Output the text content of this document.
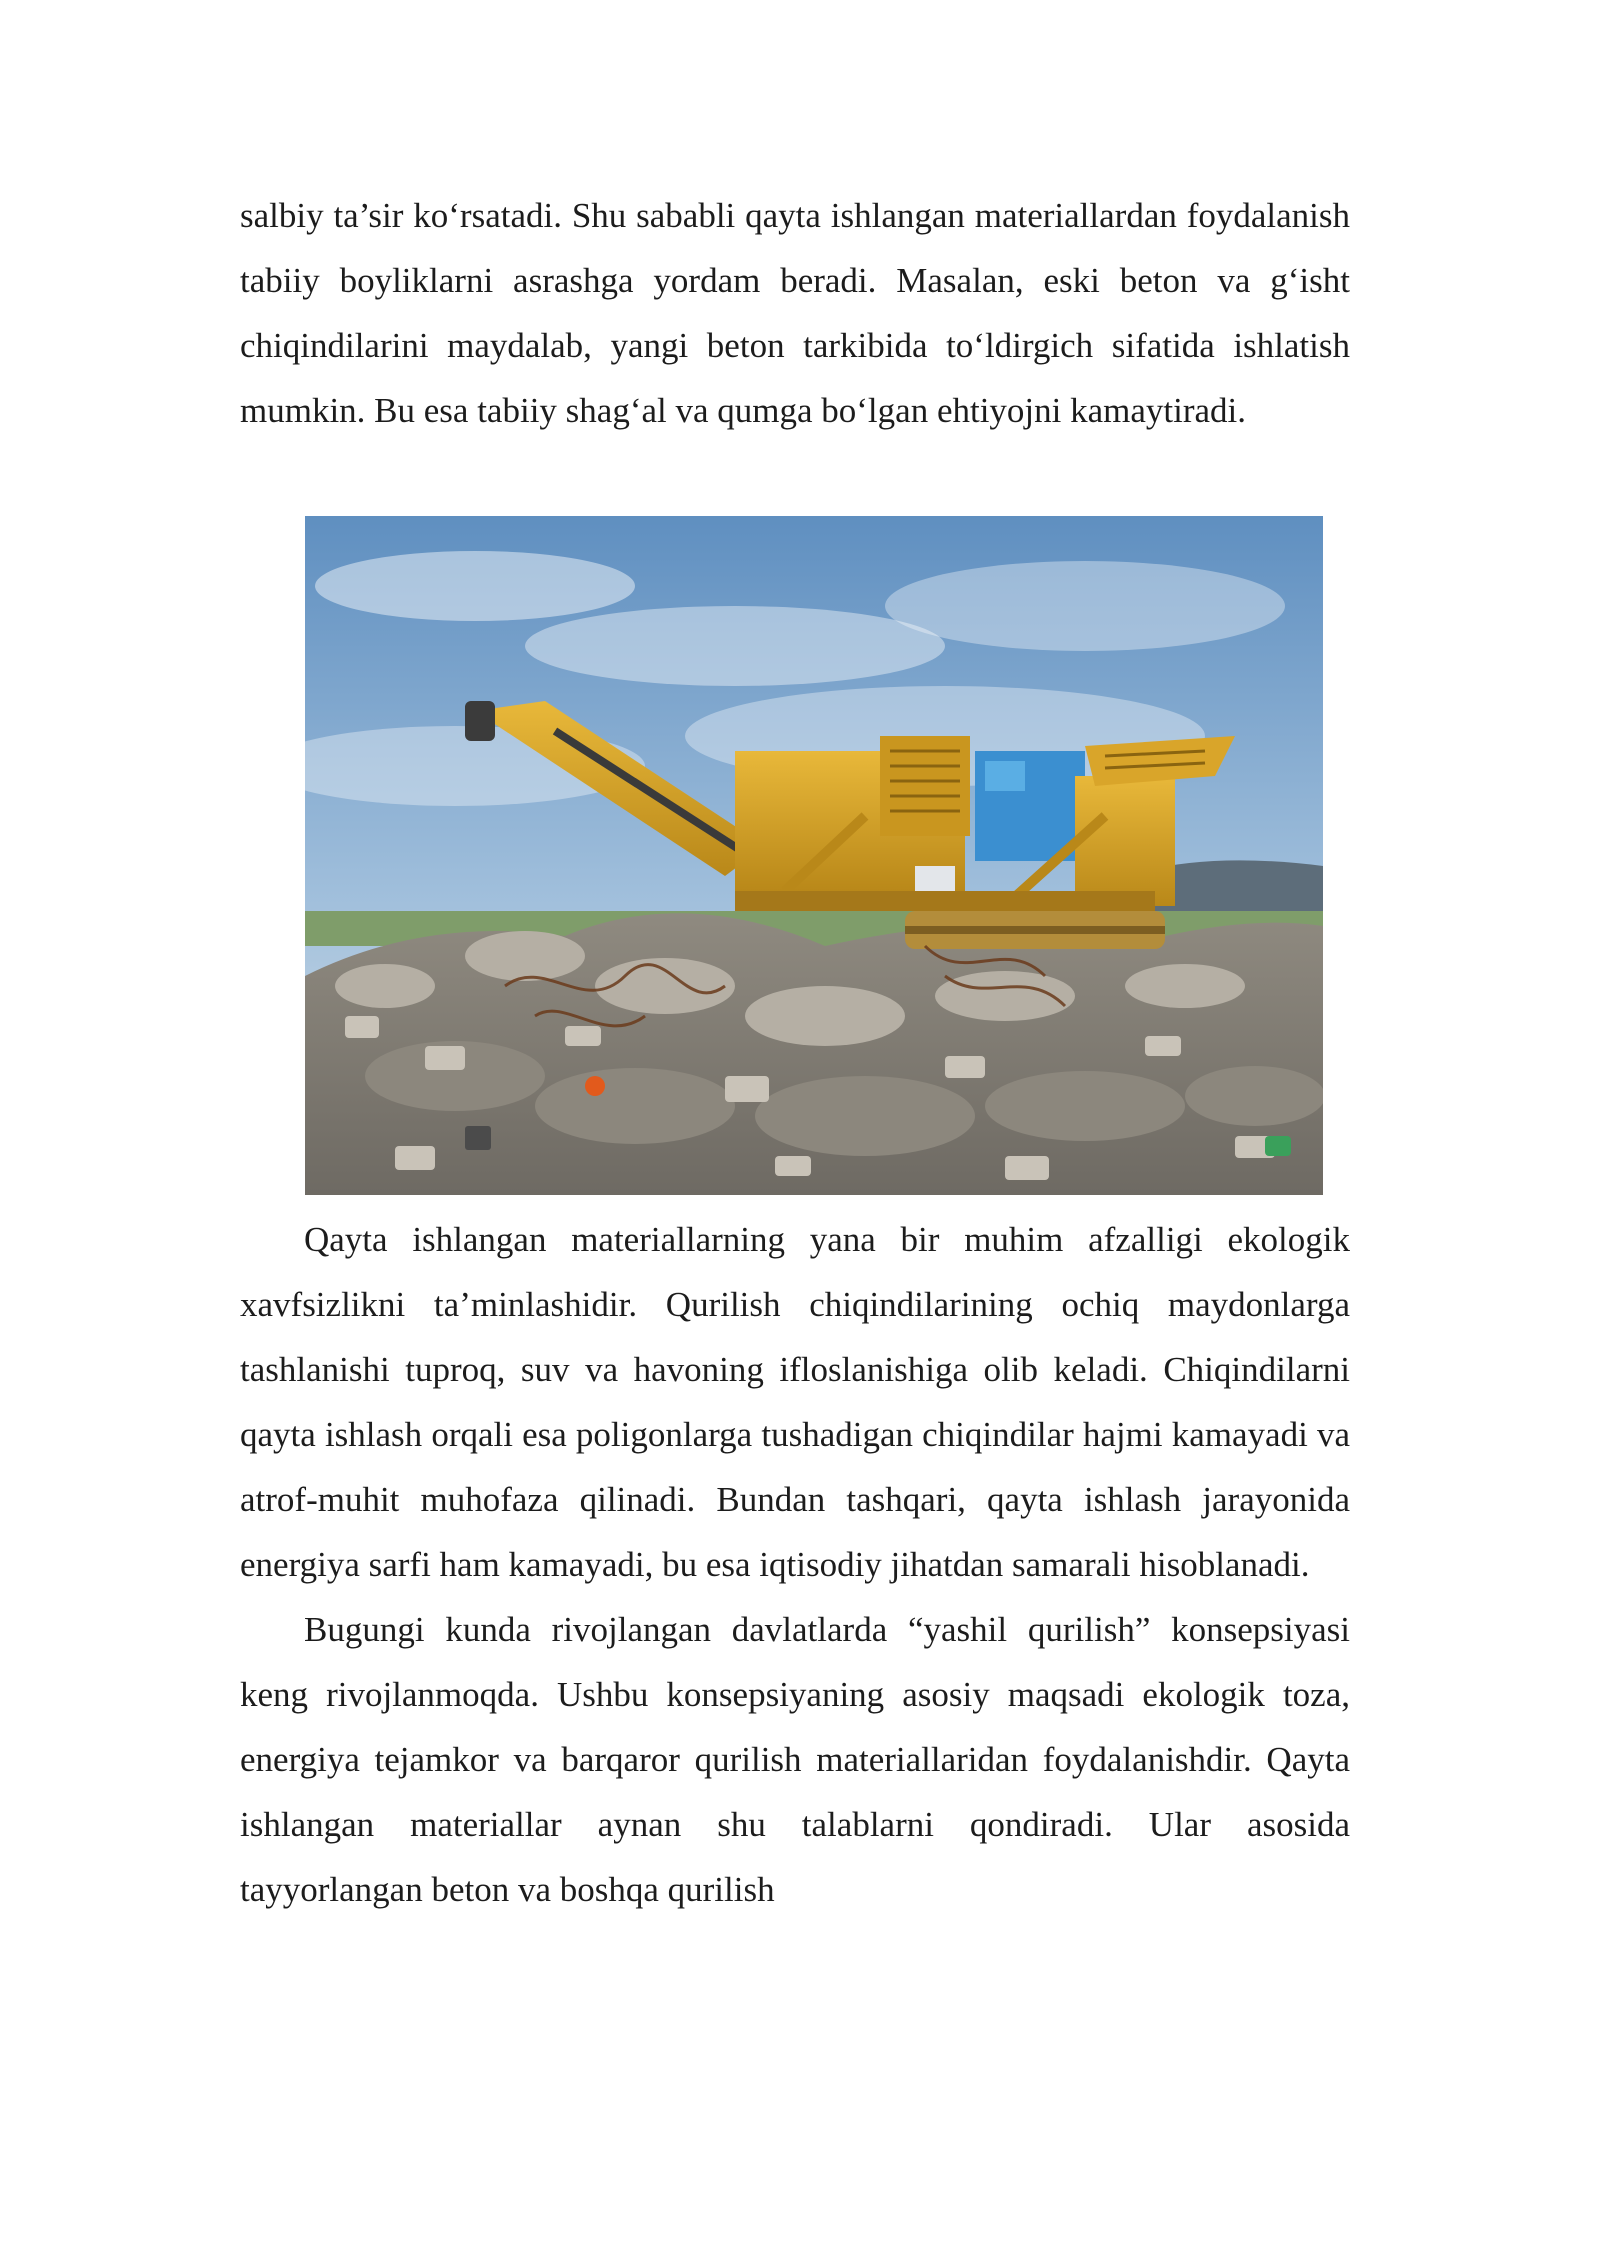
salbiy ta’sir ko‘rsatadi. Shu sababli qayta ishlangan materiallardan foydalanish tabiiy boyliklarni asrashga yordam beradi. Masalan, eski beton va g‘isht chiqindilarini maydalab, yangi beton tarkibida to‘ldirgich sifatida ishlatish mumkin. Bu esa tabiiy shag‘al va qumga bo‘lgan ehtiyojni kamaytiradi.

Qayta ishlangan materiallarning yana bir muhim afzalligi ekologik xavfsizlikni ta’minlashidir. Qurilish chiqindilarining ochiq maydonlarga tashlanishi tuproq, suv va havoning ifloslanishiga olib keladi. Chiqindilarni qayta ishlash orqali esa poligonlarga tushadigan chiqindilar hajmi kamayadi va atrof-muhit muhofaza qilinadi. Bundan tashqari, qayta ishlash jarayonida energiya sarfi ham kamayadi, bu esa iqtisodiy jihatdan samarali hisoblanadi.

Bugungi kunda rivojlangan davlatlarda “yashil qurilish” konsepsiyasi keng rivojlanmoqda. Ushbu konsepsiyaning asosiy maqsadi ekologik toza, energiya tejamkor va barqaror qurilish materiallaridan foydalanishdir. Qayta ishlangan materiallar aynan shu talablarni qondiradi. Ular asosida tayyorlangan beton va boshqa qurilish
